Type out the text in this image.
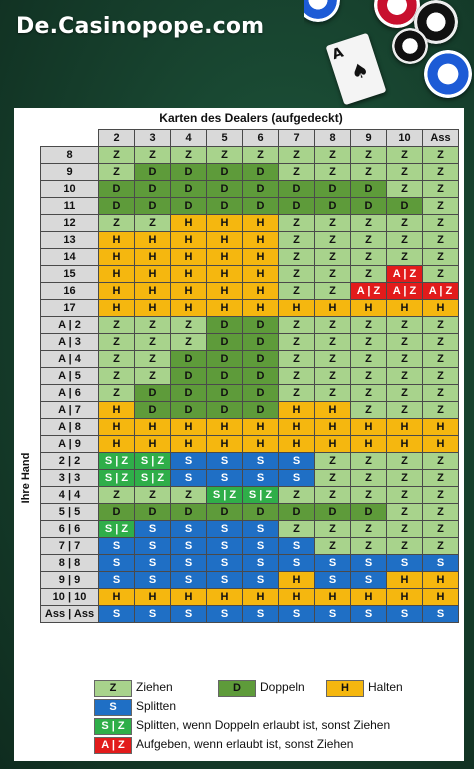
De.Casinopope.com
A
♠
Karten des Dealers (aufgedeckt)
Ihre Hand
	2	3	4	5	6	7	8	9	10	Ass
8	Z	Z	Z	Z	Z	Z	Z	Z	Z	Z
9	Z	D	D	D	D	Z	Z	Z	Z	Z
10	D	D	D	D	D	D	D	D	Z	Z
11	D	D	D	D	D	D	D	D	D	Z
12	Z	Z	H	H	H	Z	Z	Z	Z	Z
13	H	H	H	H	H	Z	Z	Z	Z	Z
14	H	H	H	H	H	Z	Z	Z	Z	Z
15	H	H	H	H	H	Z	Z	Z	A | Z	Z
16	H	H	H	H	H	Z	Z	A | Z	A | Z	A | Z
17	H	H	H	H	H	H	H	H	H	H
A | 2	Z	Z	Z	D	D	Z	Z	Z	Z	Z
A | 3	Z	Z	Z	D	D	Z	Z	Z	Z	Z
A | 4	Z	Z	D	D	D	Z	Z	Z	Z	Z
A | 5	Z	Z	D	D	D	Z	Z	Z	Z	Z
A | 6	Z	D	D	D	D	Z	Z	Z	Z	Z
A | 7	H	D	D	D	D	H	H	Z	Z	Z
A | 8	H	H	H	H	H	H	H	H	H	H
A | 9	H	H	H	H	H	H	H	H	H	H
2 | 2	S | Z	S | Z	S	S	S	S	Z	Z	Z	Z
3 | 3	S | Z	S | Z	S	S	S	S	Z	Z	Z	Z
4 | 4	Z	Z	Z	S | Z	S | Z	Z	Z	Z	Z	Z
5 | 5	D	D	D	D	D	D	D	D	Z	Z
6 | 6	S | Z	S	S	S	S	Z	Z	Z	Z	Z
7 | 7	S	S	S	S	S	S	Z	Z	Z	Z
8 | 8	S	S	S	S	S	S	S	S	S	S
9 | 9	S	S	S	S	S	H	S	S	H	H
10 | 10	H	H	H	H	H	H	H	H	H	H
Ass | Ass	S	S	S	S	S	S	S	S	S	S
Z	Ziehen	D	Doppeln	H	Halten
S	Splitten
S | Z Splitten, wenn Doppeln erlaubt ist, sonst Ziehen
A | Z Aufgeben, wenn erlaubt ist, sonst Ziehen
